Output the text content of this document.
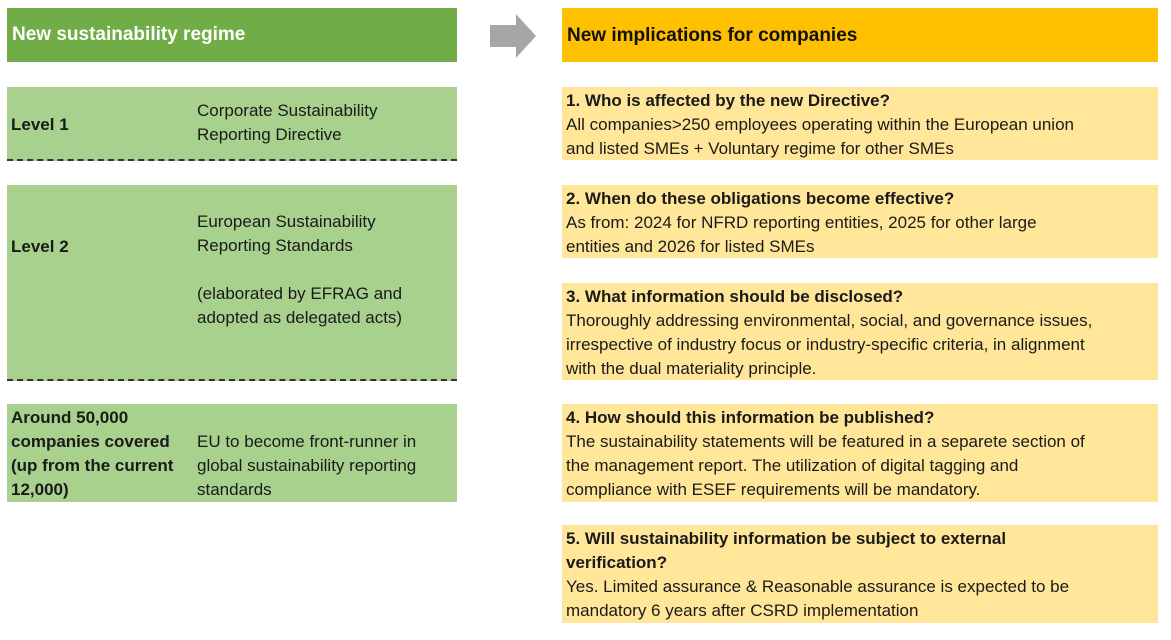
New sustainability regime	New implications for companies
Level 1
Corporate Sustainability
Reporting Directive
Level 2
European Sustainability
Reporting Standards
(elaborated by EFRAG and
adopted as delegated acts)
Around 50,000
companies covered
(up from the current
12,000)
EU to become front-runner in
global sustainability reporting
standards
1. Who is affected by the new Directive?
All companies>250 employees operating within the European union
and listed SMEs + Voluntary regime for other SMEs
2. When do these obligations become effective?
As from: 2024 for NFRD reporting entities, 2025 for other large
entities and 2026 for listed SMEs
3. What information should be disclosed?
Thoroughly addressing environmental, social, and governance issues,
irrespective of industry focus or industry-specific criteria, in alignment
with the dual materiality principle.
4. How should this information be published?
The sustainability statements will be featured in a separete section of
the management report. The utilization of digital tagging and
compliance with ESEF requirements will be mandatory.
5. Will sustainability information be subject to external
verification?
Yes. Limited assurance & Reasonable assurance is expected to be
mandatory 6 years after CSRD implementation
